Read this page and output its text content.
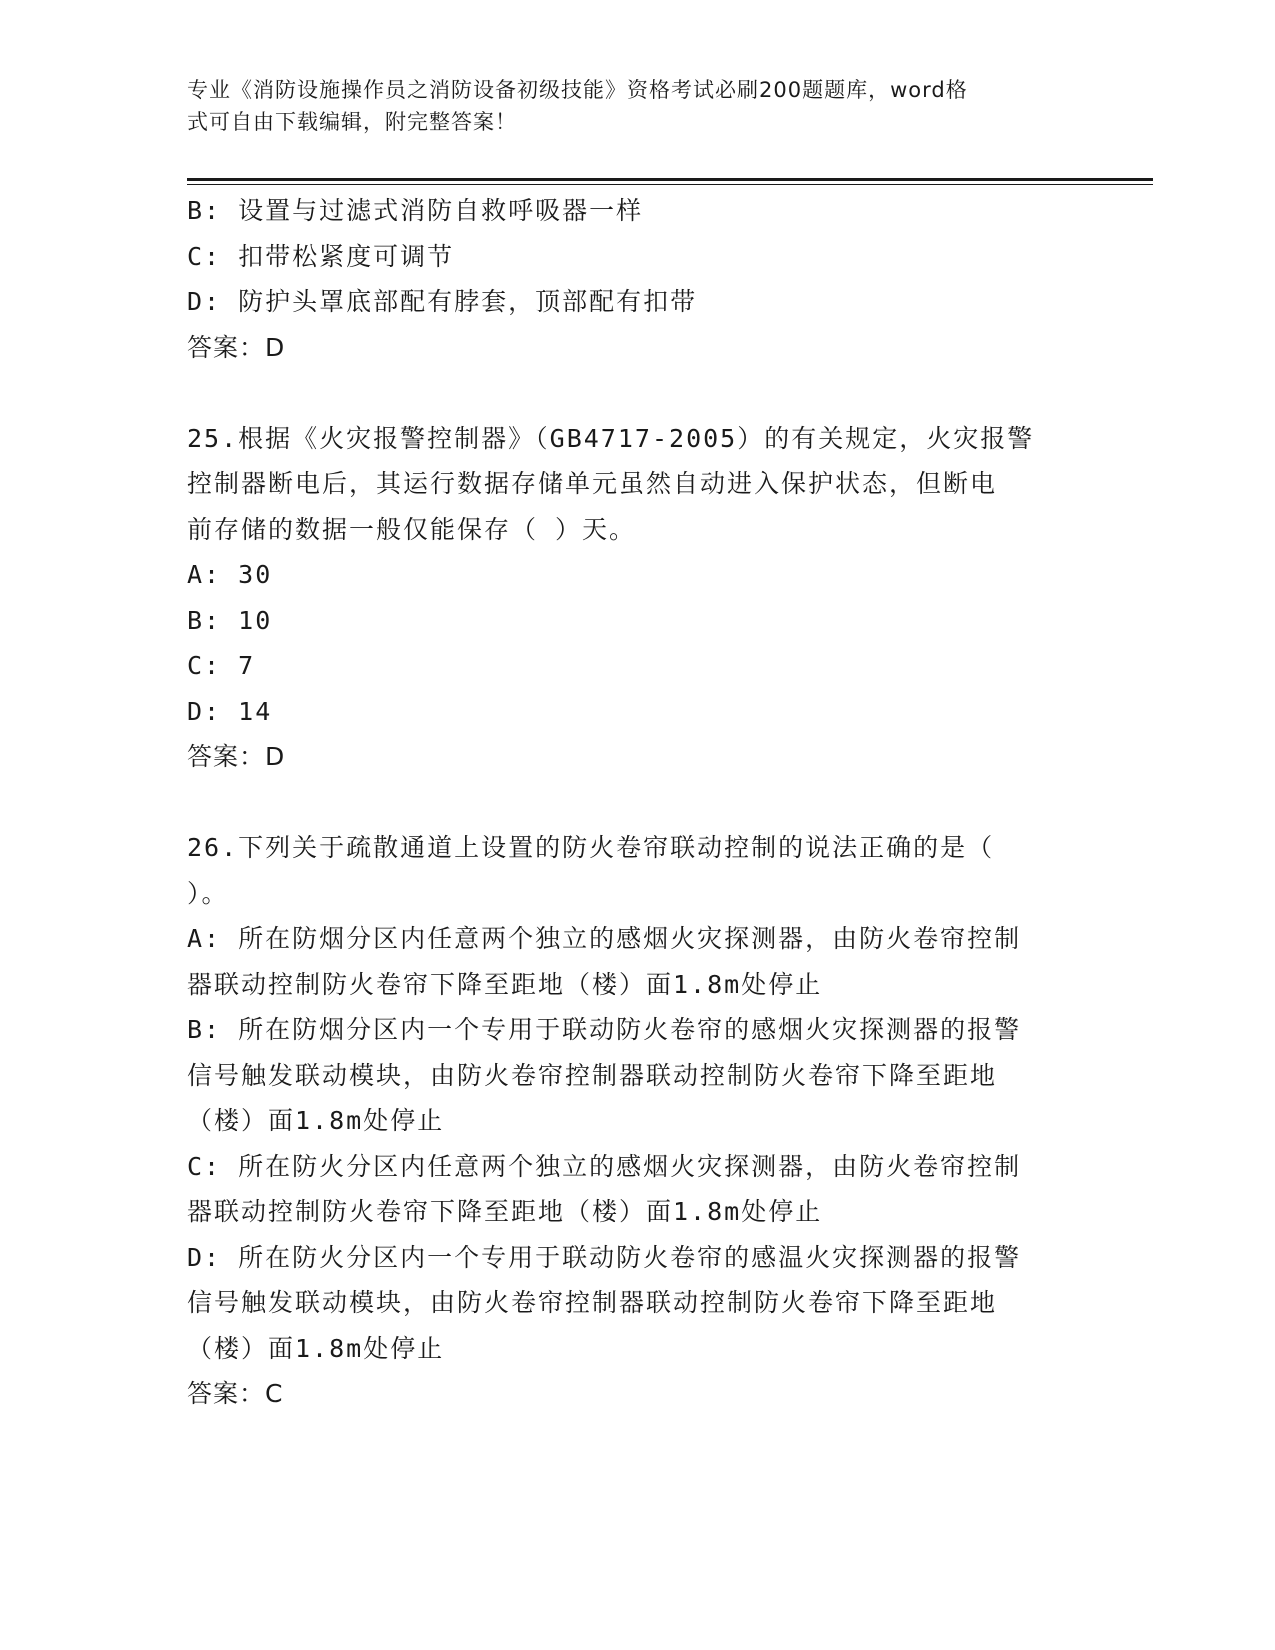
专业《消防设施操作员之消防设备初级技能》资格考试必刷200题题库，word格
式可自由下载编辑，附完整答案！
B: 设置与过滤式消防自救呼吸器一样
C: 扣带松紧度可调节
D: 防护头罩底部配有脖套，顶部配有扣带
答案：D
25.根据《火灾报警控制器》（GB4717-2005）的有关规定，火灾报警
控制器断电后，其运行数据存储单元虽然自动进入保护状态，但断电
前存储的数据一般仅能保存（ ）天。
A: 30
B: 10
C: 7
D: 14
答案：D
26.下列关于疏散通道上设置的防火卷帘联动控制的说法正确的是（
）。
A: 所在防烟分区内任意两个独立的感烟火灾探测器，由防火卷帘控制
器联动控制防火卷帘下降至距地（楼）面1.8m处停止
B: 所在防烟分区内一个专用于联动防火卷帘的感烟火灾探测器的报警
信号触发联动模块，由防火卷帘控制器联动控制防火卷帘下降至距地
（楼）面1.8m处停止
C: 所在防火分区内任意两个独立的感烟火灾探测器，由防火卷帘控制
器联动控制防火卷帘下降至距地（楼）面1.8m处停止
D: 所在防火分区内一个专用于联动防火卷帘的感温火灾探测器的报警
信号触发联动模块，由防火卷帘控制器联动控制防火卷帘下降至距地
（楼）面1.8m处停止
答案：C
